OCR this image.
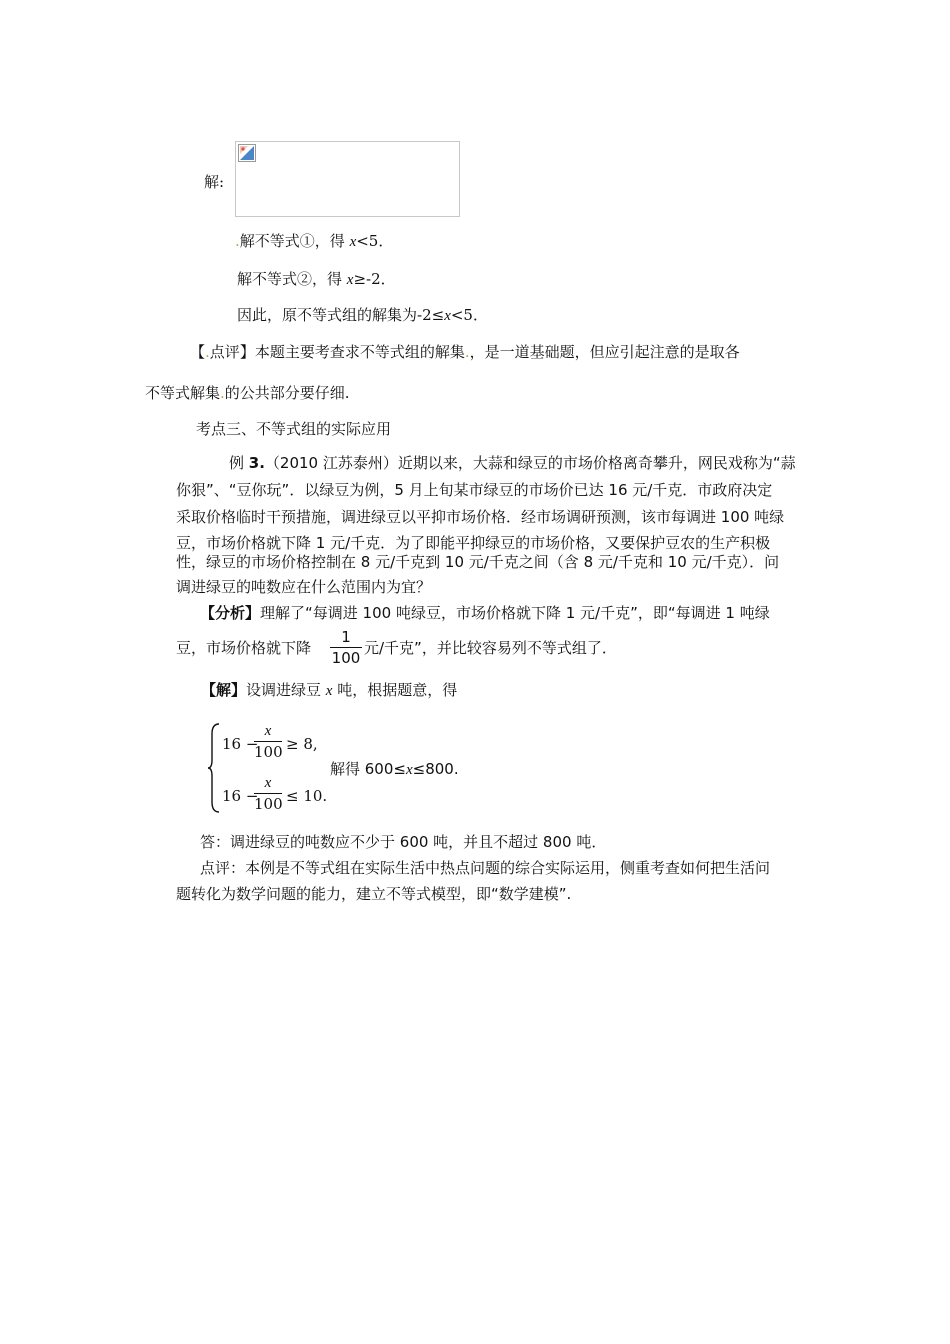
解:
.解不等式①，得 x<5．
解不等式②，得 x≥-2．
因此，原不等式组的解集为-2≤x<5．
【.点评】本题主要考查求不等式组的解集.，是一道基础题，但应引起注意的是取各
不等式解集.的公共部分要仔细.
考点三、不等式组的实际应用
例 3.（2010 江苏泰州）近期以来，大蒜和绿豆的市场价格离奇攀升，网民戏称为“蒜
你狠”、“豆你玩”．以绿豆为例，5 月上旬某市绿豆的市场价已达 16 元/千克．市政府决定
采取价格临时干预措施，调进绿豆以平抑市场价格．经市场调研预测，该市每调进 100 吨绿
豆，市场价格就下降 1 元/千克．为了即能平抑绿豆的市场价格，又要保护豆农的生产积极
性，绿豆的市场价格控制在 8 元/千克到 10 元/千克之间（含 8 元/千克和 10 元/千克）．问
调进绿豆的吨数应在什么范围内为宜？
【分析】理解了“每调进 100 吨绿豆，市场价格就下降 1 元/千克”，即“每调进 1 吨绿
豆，市场价格就下降
1
100
元/千克”，并比较容易列不等式组了．
【解】设调进绿豆 x 吨，根据题意，得
16 −
x
100 ≥ 8,
16 −
x
100 ≤ 10.
解得 600≤x≤800.
答：调进绿豆的吨数应不少于 600 吨，并且不超过 800 吨．
点评：本例是不等式组在实际生活中热点问题的综合实际运用，侧重考查如何把生活问
题转化为数学问题的能力，建立不等式模型，即“数学建模”.
